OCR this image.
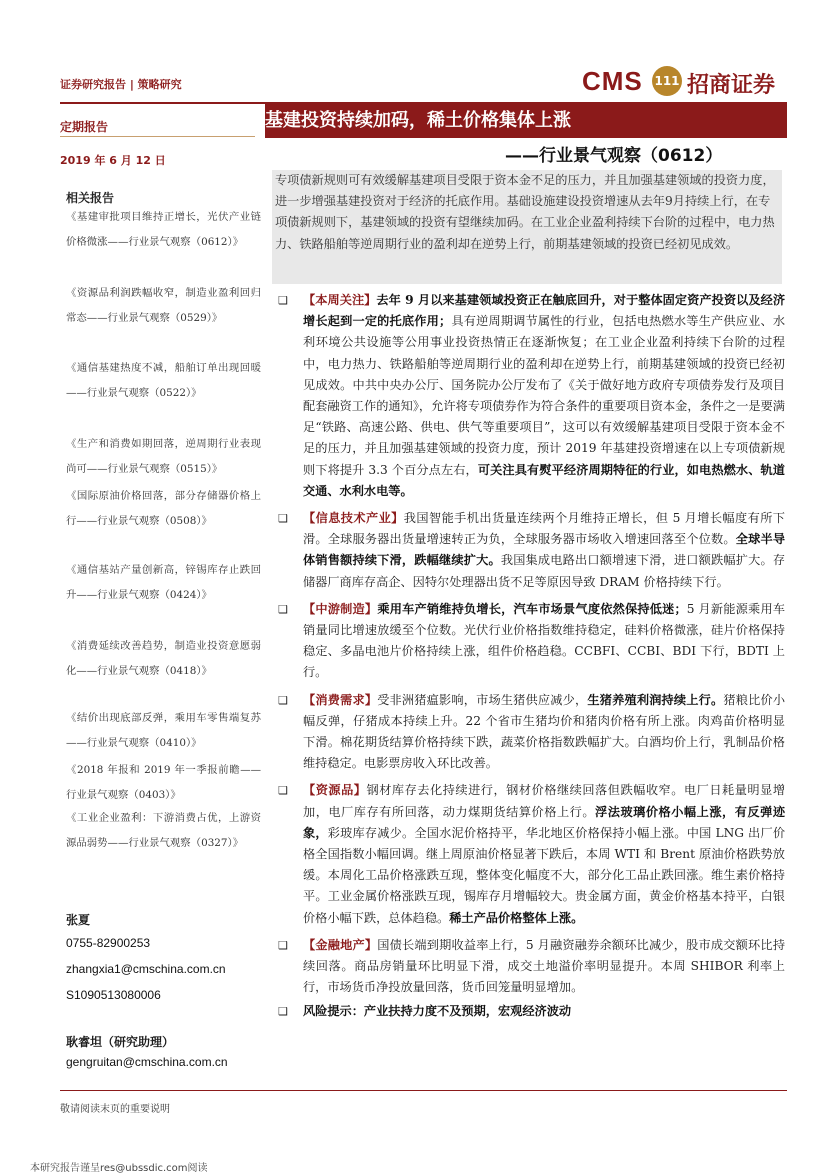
证券研究报告 | 策略研究	CMS 111 招商证券
基建投资持续加码，稀土价格集体上涨
定期报告
2019 年 6 月 12 日	——行业景气观察（0612）
专项债新规则可有效缓解基建项目受限于资本金不足的压力，并且加强基建领域的投资力度，进一步增强基建投资对于经济的托底作用。基础设施建设投资增速从去年9月持续上行，在专项债新规则下，基建领域的投资有望继续加码。在工业企业盈利持续下台阶的过程中，电力热力、铁路船舶等逆周期行业的盈利却在逆势上行，前期基建领域的投资已经初见成效。
相关报告
《基建审批项目维持正增长，光伏产业链价格微涨——行业景气观察（0612）》
《资源品利润跌幅收窄，制造业盈利回归常态——行业景气观察（0529）》
《通信基建热度不减，船舶订单出现回暖——行业景气观察（0522）》
《生产和消费如期回落，逆周期行业表现尚可——行业景气观察（0515）》
《国际原油价格回落，部分存储器价格上行——行业景气观察（0508）》
《通信基站产量创新高，锌锡库存止跌回升——行业景气观察（0424）》
《消费延续改善趋势，制造业投资意愿弱化——行业景气观察（0418）》
《结价出现底部反弹，乘用车零售端复苏——行业景气观察（0410）》
《2018 年报和 2019 年一季报前瞻——行业景气观察（0403）》
《工业企业盈利：下游消费占优，上游资源品弱势——行业景气观察（0327）》
张夏
0755-82900253
zhangxia1@cmschina.com.cn
S1090513080006
耿睿坦（研究助理）
gengruitan@cmschina.com.cn

❑ 【本周关注】去年 9 月以来基建领域投资正在触底回升，对于整体固定资产投资以及经济增长起到一定的托底作用；具有逆周期调节属性的行业，包括电热燃水等生产供应业、水利环境公共设施等公用事业投资热情正在逐渐恢复；在工业企业盈利持续下台阶的过程中，电力热力、铁路船舶等逆周期行业的盈利却在逆势上行，前期基建领域的投资已经初见成效。中共中央办公厅、国务院办公厅发布了《关于做好地方政府专项债券发行及项目配套融资工作的通知》，允许将专项债券作为符合条件的重要项目资本金，条件之一是要满足“铁路、高速公路、供电、供气等重要项目”，这可以有效缓解基建项目受限于资本金不足的压力，并且加强基建领域的投资力度，预计 2019 年基建投资增速在以上专项债新规则下将提升 3.3 个百分点左右，可关注具有熨平经济周期特征的行业，如电热燃水、轨道交通、水利水电等。

❑ 【信息技术产业】我国智能手机出货量连续两个月维持正增长，但 5 月增长幅度有所下滑。全球服务器出货量增速转正为负，全球服务器市场收入增速回落至个位数。全球半导体销售额持续下滑，跌幅继续扩大。我国集成电路出口额增速下滑，进口额跌幅扩大。存储器厂商库存高企、因特尔处理器出货不足等原因导致 DRAM 价格持续下行。

❑ 【中游制造】乘用车产销维持负增长，汽车市场景气度依然保持低迷；5 月新能源乘用车销量同比增速放缓至个位数。光伏行业价格指数维持稳定，硅料价格微涨，硅片价格保持稳定、多晶电池片价格持续上涨，组件价格趋稳。CCBFI、CCBI、BDI 下行，BDTI 上行。

❑ 【消费需求】受非洲猪瘟影响，市场生猪供应减少，生猪养殖利润持续上行。猪粮比价小幅反弹，仔猪成本持续上升。22 个省市生猪均价和猪肉价格有所上涨。肉鸡苗价格明显下滑。棉花期货结算价格持续下跌，蔬菜价格指数跌幅扩大。白酒均价上行，乳制品价格维持稳定。电影票房收入环比改善。

❑ 【资源品】钢材库存去化持续进行，钢材价格继续回落但跌幅收窄。电厂日耗量明显增加，电厂库存有所回落，动力煤期货结算价格上行。浮法玻璃价格小幅上涨，有反弹迹象，彩玻库存减少。全国水泥价格持平，华北地区价格保持小幅上涨。中国 LNG 出厂价格全国指数小幅回调。继上周原油价格显著下跌后，本周 WTI 和 Brent 原油价格跌势放缓。本周化工品价格涨跌互现，整体变化幅度不大，部分化工品止跌回涨。维生素价格持平。工业金属价格涨跌互现，锡库存月增幅较大。贵金属方面，黄金价格基本持平，白银价格小幅下跌，总体趋稳。稀土产品价格整体上涨。

❑ 【金融地产】国债长端到期收益率上行，5 月融资融券余额环比减少，股市成交额环比持续回落。商品房销量环比明显下滑，成交土地溢价率明显提升。本周 SHIBOR 利率上行，市场货币净投放量回落，货币回笼量明显增加。

❑ 风险提示：产业扶持力度不及预期，宏观经济波动

敬请阅读末页的重要说明
本研究报告谨呈res@ubssdic.com阅读
